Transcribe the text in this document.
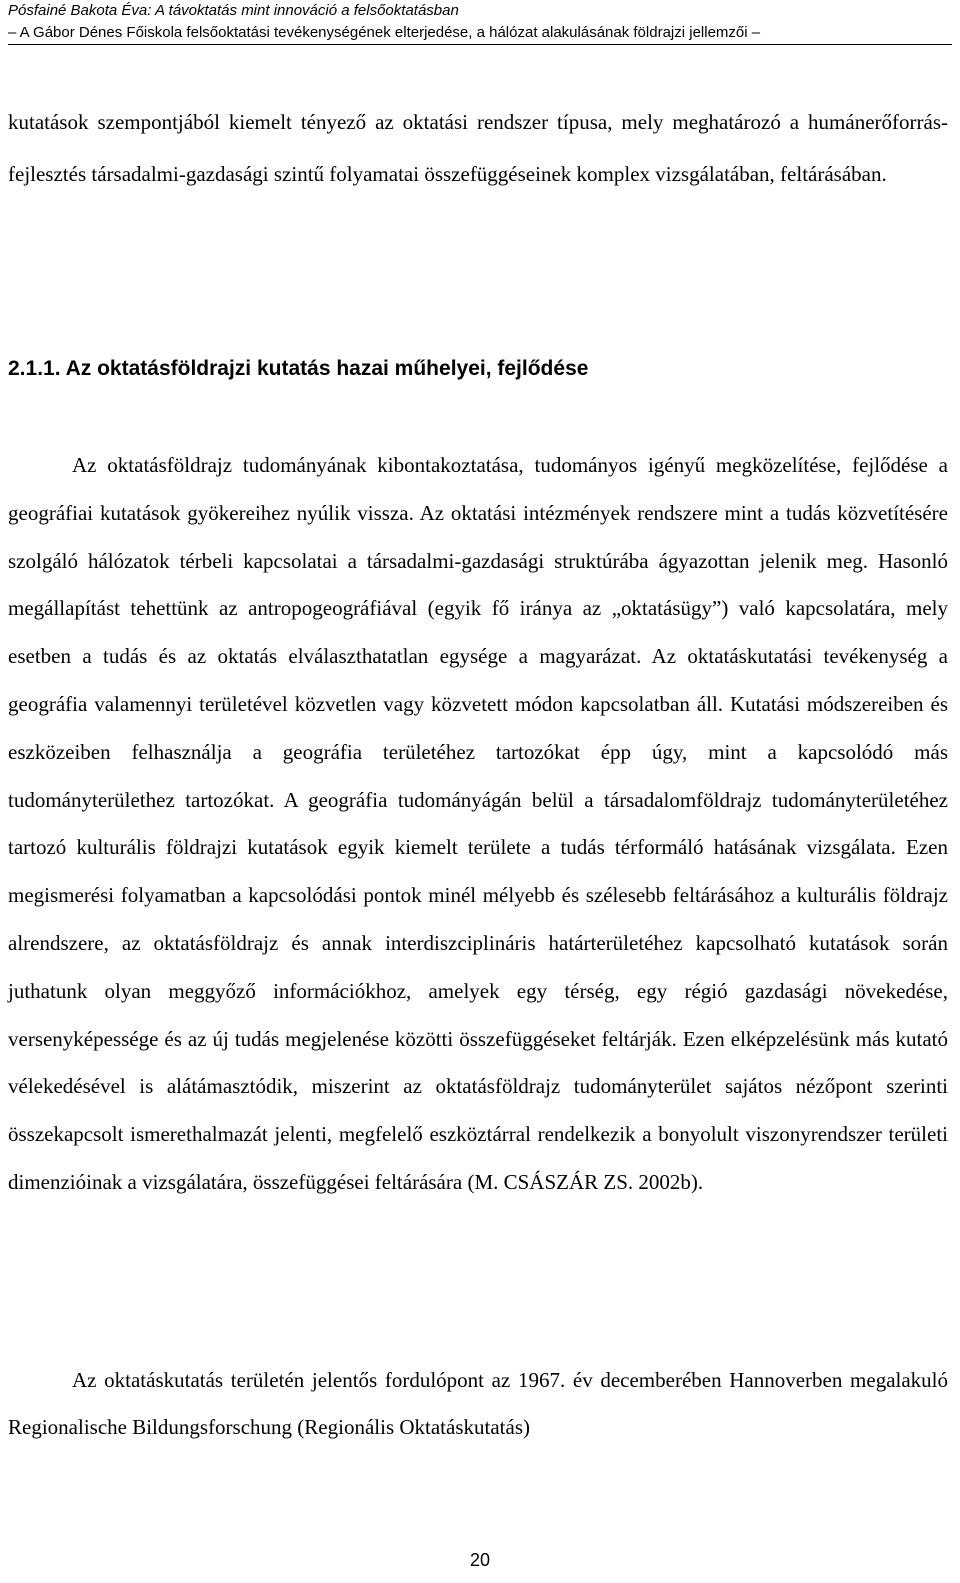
Pósfainé Bakota Éva: A távoktatás mint innováció a felsőoktatásban
– A Gábor Dénes Főiskola felsőoktatási tevékenységének elterjedése, a hálózat alakulásának földrajzi jellemzői –

kutatások szempontjából kiemelt tényező az oktatási rendszer típusa, mely meghatározó a humánerőforrás-fejlesztés társadalmi-gazdasági szintű folyamatai összefüggéseinek komplex vizsgálatában, feltárásában.

2.1.1. Az oktatásföldrajzi kutatás hazai műhelyei, fejlődése

Az oktatásföldrajz tudományának kibontakoztatása, tudományos igényű megközelítése, fejlődése a geográfiai kutatások gyökereihez nyúlik vissza. Az oktatási intézmények rendszere mint a tudás közvetítésére szolgáló hálózatok térbeli kapcsolatai a társadalmi-gazdasági struktúrába ágyazottan jelenik meg. Hasonló megállapítást tehettünk az antropogeográfiával (egyik fő iránya az „oktatásügy”) való kapcsolatára, mely esetben a tudás és az oktatás elválaszthatatlan egysége a magyarázat. Az oktatáskutatási tevékenység a geográfia valamennyi területével közvetlen vagy közvetett módon kapcsolatban áll. Kutatási módszereiben és eszközeiben felhasználja a geográfia területéhez tartozókat épp úgy, mint a kapcsolódó más tudományterülethez tartozókat. A geográfia tudományágán belül a társadalomföldrajz tudományterületéhez tartozó kulturális földrajzi kutatások egyik kiemelt területe a tudás térformáló hatásának vizsgálata. Ezen megismerési folyamatban a kapcsolódási pontok minél mélyebb és szélesebb feltárásához a kulturális földrajz alrendszere, az oktatásföldrajz és annak interdiszciplináris határterületéhez kapcsolható kutatások során juthatunk olyan meggyőző információkhoz, amelyek egy térség, egy régió gazdasági növekedése, versenyképessége és az új tudás megjelenése közötti összefüggéseket feltárják. Ezen elképzelésünk más kutató vélekedésével is alátámasztódik, miszerint az oktatásföldrajz tudományterület sajátos nézőpont szerinti összekapcsolt ismerethalmazát jelenti, megfelelő eszköztárral rendelkezik a bonyolult viszonyrendszer területi dimenzióinak a vizsgálatára, összefüggései feltárására (M. CSÁSZÁR ZS. 2002b).

Az oktatáskutatás területén jelentős fordulópont az 1967. év decemberében Hannoverben megalakuló Regionalische Bildungsforschung (Regionális Oktatáskutatás)

20
